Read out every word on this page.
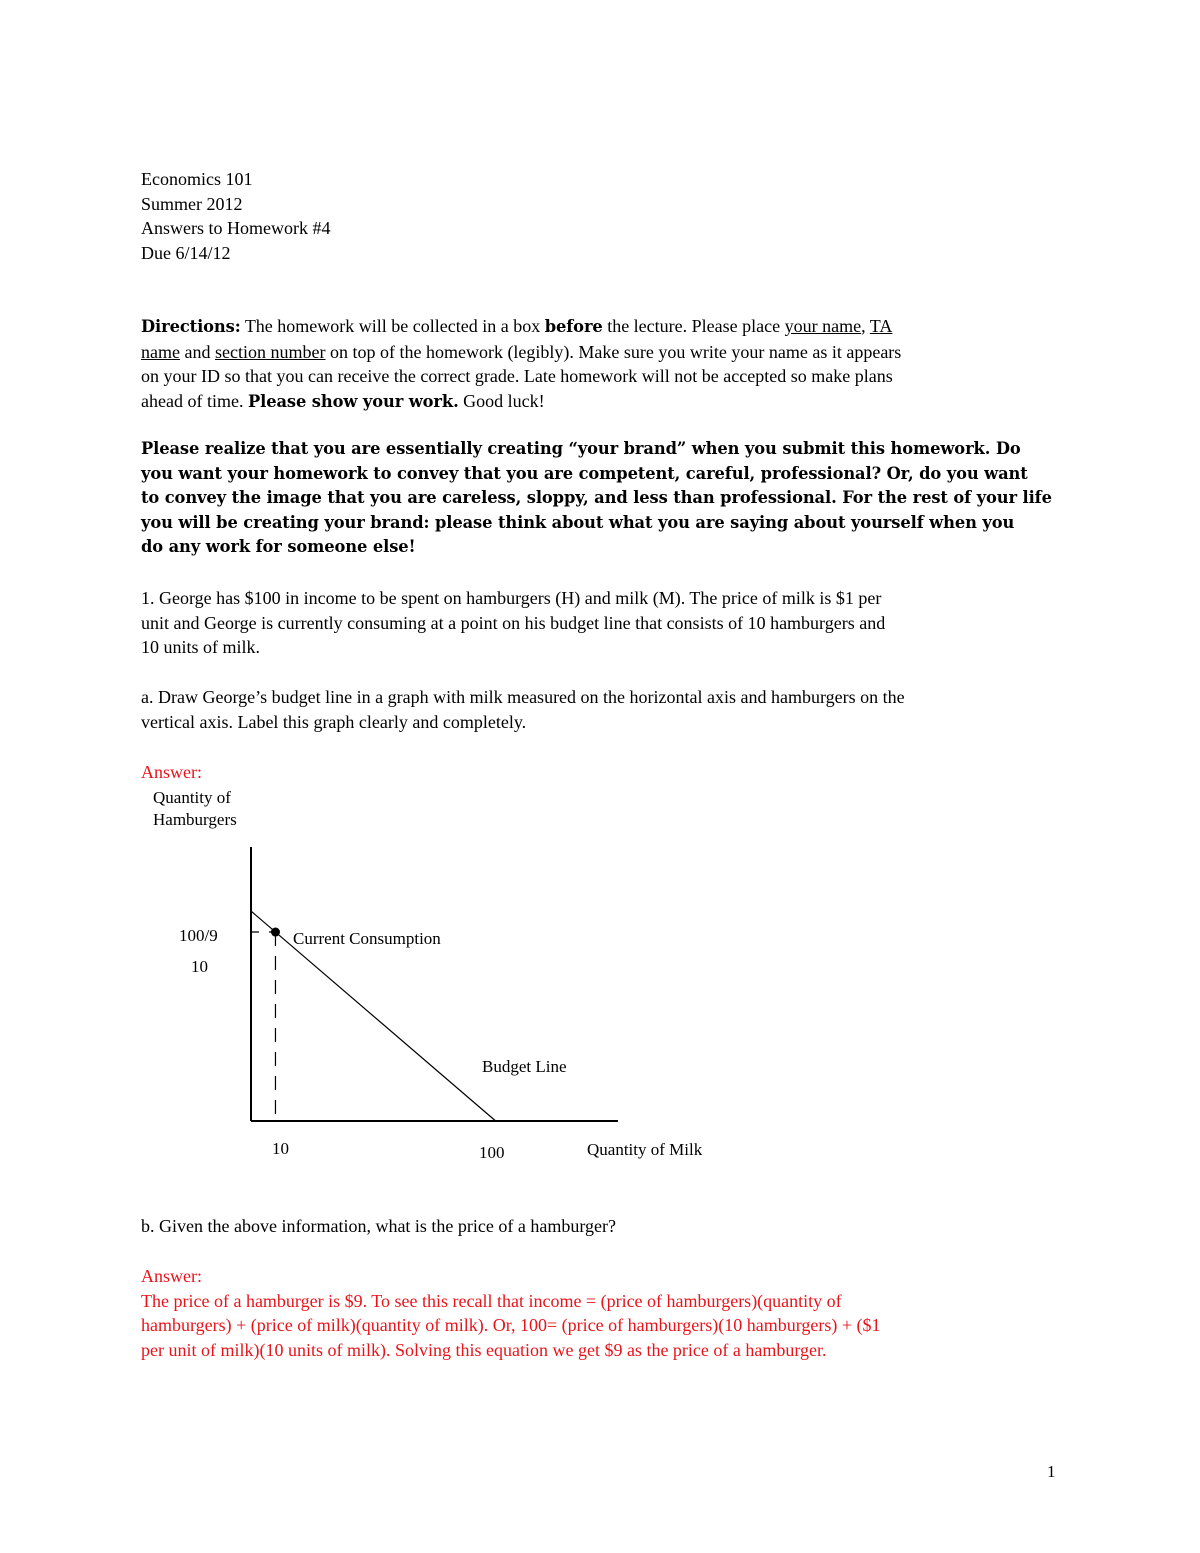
Economics 101
Summer 2012
Answers to Homework #4
Due 6/14/12
Directions: The homework will be collected in a box before the lecture. Please place your name, TA
name and section number on top of the homework (legibly). Make sure you write your name as it appears
on your ID so that you can receive the correct grade. Late homework will not be accepted so make plans
ahead of time. Please show your work. Good luck!
Please realize that you are essentially creating “your brand” when you submit this homework. Do
you want your homework to convey that you are competent, careful, professional? Or, do you want
to convey the image that you are careless, sloppy, and less than professional. For the rest of your life
you will be creating your brand: please think about what you are saying about yourself when you
do any work for someone else!
1. George has $100 in income to be spent on hamburgers (H) and milk (M). The price of milk is $1 per
unit and George is currently consuming at a point on his budget line that consists of 10 hamburgers and
10 units of milk.
a. Draw George’s budget line in a graph with milk measured on the horizontal axis and hamburgers on the
vertical axis. Label this graph clearly and completely.
Answer:
Quantity of
Hamburgers
Quantity of Milk
100/9
10
10	100
Current Consumption
Budget Line
b. Given the above information, what is the price of a hamburger?
Answer:
The price of a hamburger is $9. To see this recall that income = (price of hamburgers)(quantity of
hamburgers) + (price of milk)(quantity of milk). Or, 100= (price of hamburgers)(10 hamburgers) + ($1
per unit of milk)(10 units of milk). Solving this equation we get $9 as the price of a hamburger.
1
